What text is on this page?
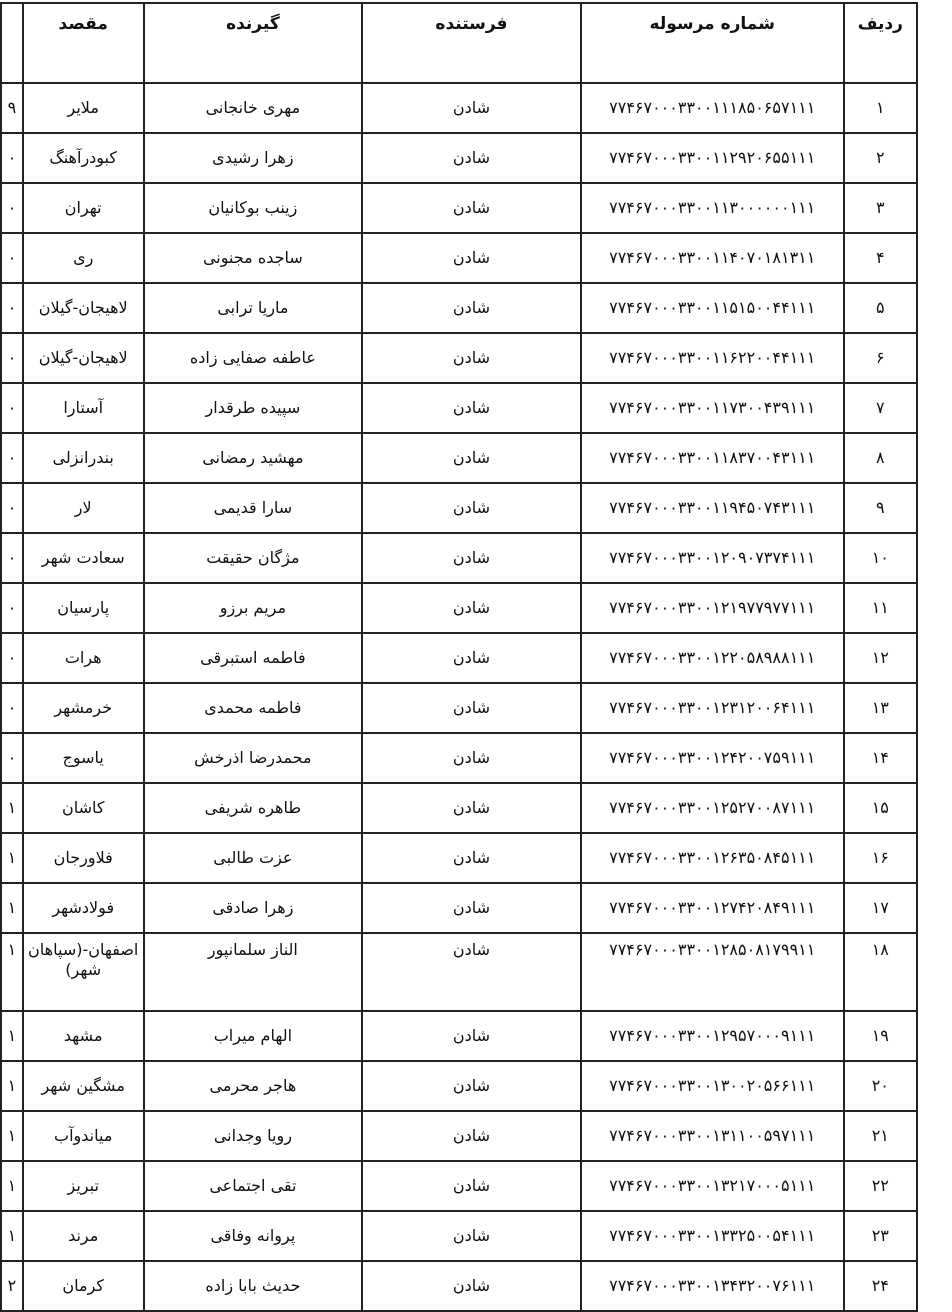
ردیف	شماره مرسوله	فرستنده	گیرنده	مقصد	
۱	۷۷۴۶۷۰۰۰۳۳۰۰۱۱۱۸۵۰۶۵۷۱۱۱	شادن	مهری خانجانی	ملایر	۹
۲	۷۷۴۶۷۰۰۰۳۳۰۰۱۱۲۹۲۰۶۵۵۱۱۱	شادن	زهرا رشیدی	کبودرآهنگ	۰
۳	۷۷۴۶۷۰۰۰۳۳۰۰۱۱۳۰۰۰۰۰۰۱۱۱	شادن	زینب بوکانیان	تهران	۰
۴	۷۷۴۶۷۰۰۰۳۳۰۰۱۱۴۰۷۰۱۸۱۳۱۱	شادن	ساجده مجنونی	ری	۰
۵	۷۷۴۶۷۰۰۰۳۳۰۰۱۱۵۱۵۰۰۴۴۱۱۱	شادن	ماریا ترابی	لاهیجان-گیلان	۰
۶	۷۷۴۶۷۰۰۰۳۳۰۰۱۱۶۲۲۰۰۴۴۱۱۱	شادن	عاطفه صفایی زاده	لاهیجان-گیلان	۰
۷	۷۷۴۶۷۰۰۰۳۳۰۰۱۱۷۳۰۰۴۳۹۱۱۱	شادن	سپیده طرقدار	آستارا	۰
۸	۷۷۴۶۷۰۰۰۳۳۰۰۱۱۸۳۷۰۰۴۳۱۱۱	شادن	مهشید رمضانی	بندرانزلی	۰
۹	۷۷۴۶۷۰۰۰۳۳۰۰۱۱۹۴۵۰۷۴۳۱۱۱	شادن	سارا قدیمی	لار	۰
۱۰	۷۷۴۶۷۰۰۰۳۳۰۰۱۲۰۹۰۷۳۷۴۱۱۱	شادن	مژگان حقیقت	سعادت شهر	۰
۱۱	۷۷۴۶۷۰۰۰۳۳۰۰۱۲۱۹۷۷۹۷۷۱۱۱	شادن	مریم برزو	پارسیان	۰
۱۲	۷۷۴۶۷۰۰۰۳۳۰۰۱۲۲۰۵۸۹۸۸۱۱۱	شادن	فاطمه استبرقی	هرات	۰
۱۳	۷۷۴۶۷۰۰۰۳۳۰۰۱۲۳۱۲۰۰۶۴۱۱۱	شادن	فاطمه محمدی	خرمشهر	۰
۱۴	۷۷۴۶۷۰۰۰۳۳۰۰۱۲۴۲۰۰۷۵۹۱۱۱	شادن	محمدرضا اذرخش	یاسوج	۰
۱۵	۷۷۴۶۷۰۰۰۳۳۰۰۱۲۵۲۷۰۰۸۷۱۱۱	شادن	طاهره شریفی	کاشان	۱
۱۶	۷۷۴۶۷۰۰۰۳۳۰۰۱۲۶۳۵۰۸۴۵۱۱۱	شادن	عزت طالبی	فلاورجان	۱
۱۷	۷۷۴۶۷۰۰۰۳۳۰۰۱۲۷۴۲۰۸۴۹۱۱۱	شادن	زهرا صادقی	فولادشهر	۱
۱۸	۷۷۴۶۷۰۰۰۳۳۰۰۱۲۸۵۰۸۱۷۹۹۱۱	شادن	الناز سلمانپور	اصفهان-(سپاهان شهر)	۱
۱۹	۷۷۴۶۷۰۰۰۳۳۰۰۱۲۹۵۷۰۰۰۹۱۱۱	شادن	الهام میراب	مشهد	۱
۲۰	۷۷۴۶۷۰۰۰۳۳۰۰۱۳۰۰۲۰۵۶۶۱۱۱	شادن	هاجر محرمی	مشگین شهر	۱
۲۱	۷۷۴۶۷۰۰۰۳۳۰۰۱۳۱۱۰۰۵۹۷۱۱۱	شادن	رویا وجدانی	میاندوآب	۱
۲۲	۷۷۴۶۷۰۰۰۳۳۰۰۱۳۲۱۷۰۰۰۵۱۱۱	شادن	تقی اجتماعی	تبریز	۱
۲۳	۷۷۴۶۷۰۰۰۳۳۰۰۱۳۳۲۵۰۰۵۴۱۱۱	شادن	پروانه وفاقی	مرند	۱
۲۴	۷۷۴۶۷۰۰۰۳۳۰۰۱۳۴۳۲۰۰۷۶۱۱۱	شادن	حدیث بابا زاده	کرمان	۲
